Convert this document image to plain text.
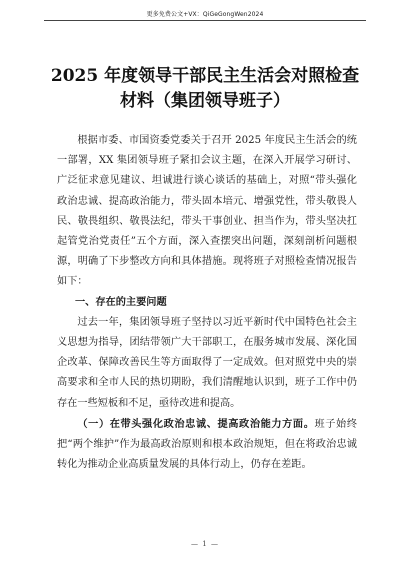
更多免费公文+VX：QiGeGongWen2024
2025 年度领导干部民主生活会对照检查
材料（集团领导班子）

根据市委、市国资委党委关于召开 2025 年度民主生活会的统一部署，XX 集团领导班子紧扣会议主题，在深入开展学习研讨、广泛征求意见建议、坦诚进行谈心谈话的基础上，对照“带头强化政治忠诚、提高政治能力，带头固本培元、增强党性，带头敬畏人民、敬畏组织、敬畏法纪，带头干事创业、担当作为，带头坚决扛起管党治党责任”五个方面，深入查摆突出问题，深刻剖析问题根源，明确了下步整改方向和具体措施。现将班子对照检查情况报告如下：

一、存在的主要问题

过去一年，集团领导班子坚持以习近平新时代中国特色社会主义思想为指导，团结带领广大干部职工，在服务城市发展、深化国企改革、保障改善民生等方面取得了一定成效。但对照党中央的崇高要求和全市人民的热切期盼，我们清醒地认识到，班子工作中仍存在一些短板和不足，亟待改进和提高。

（一）在带头强化政治忠诚、提高政治能力方面。班子始终把“两个维护”作为最高政治原则和根本政治规矩，但在将政治忠诚转化为推动企业高质量发展的具体行动上，仍存在差距。

— 1 —
